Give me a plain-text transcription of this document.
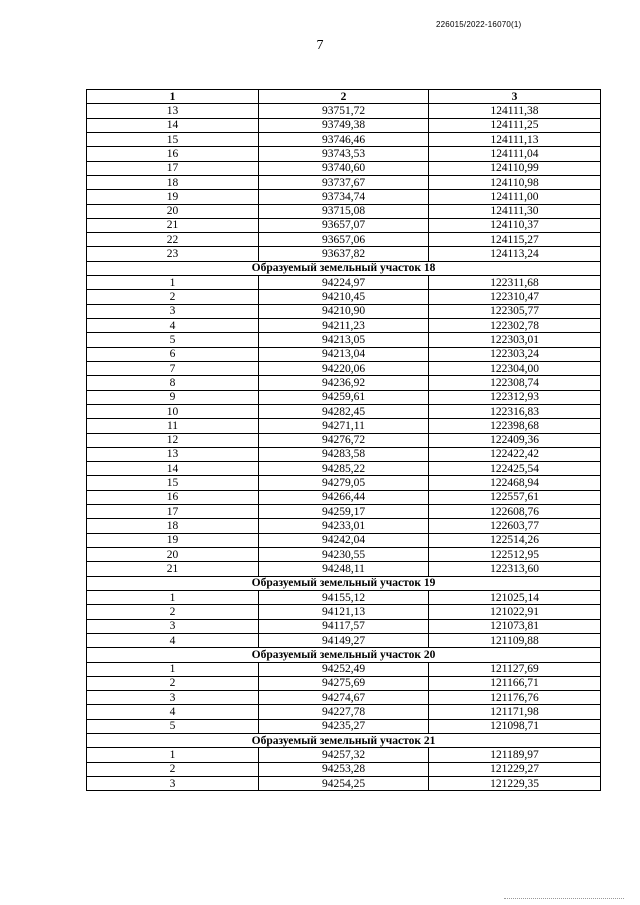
226015/2022-16070(1)
7
1	2	3
13	93751,72	124111,38
14	93749,38	124111,25
15	93746,46	124111,13
16	93743,53	124111,04
17	93740,60	124110,99
18	93737,67	124110,98
19	93734,74	124111,00
20	93715,08	124111,30
21	93657,07	124110,37
22	93657,06	124115,27
23	93637,82	124113,24
Образуемый земельный участок 18		
1	94224,97	122311,68
2	94210,45	122310,47
3	94210,90	122305,77
4	94211,23	122302,78
5	94213,05	122303,01
6	94213,04	122303,24
7	94220,06	122304,00
8	94236,92	122308,74
9	94259,61	122312,93
10	94282,45	122316,83
11	94271,11	122398,68
12	94276,72	122409,36
13	94283,58	122422,42
14	94285,22	122425,54
15	94279,05	122468,94
16	94266,44	122557,61
17	94259,17	122608,76
18	94233,01	122603,77
19	94242,04	122514,26
20	94230,55	122512,95
21	94248,11	122313,60
Образуемый земельный участок 19		
1	94155,12	121025,14
2	94121,13	121022,91
3	94117,57	121073,81
4	94149,27	121109,88
Образуемый земельный участок 20		
1	94252,49	121127,69
2	94275,69	121166,71
3	94274,67	121176,76
4	94227,78	121171,98
5	94235,27	121098,71
Образуемый земельный участок 21		
1	94257,32	121189,97
2	94253,28	121229,27
3	94254,25	121229,35
